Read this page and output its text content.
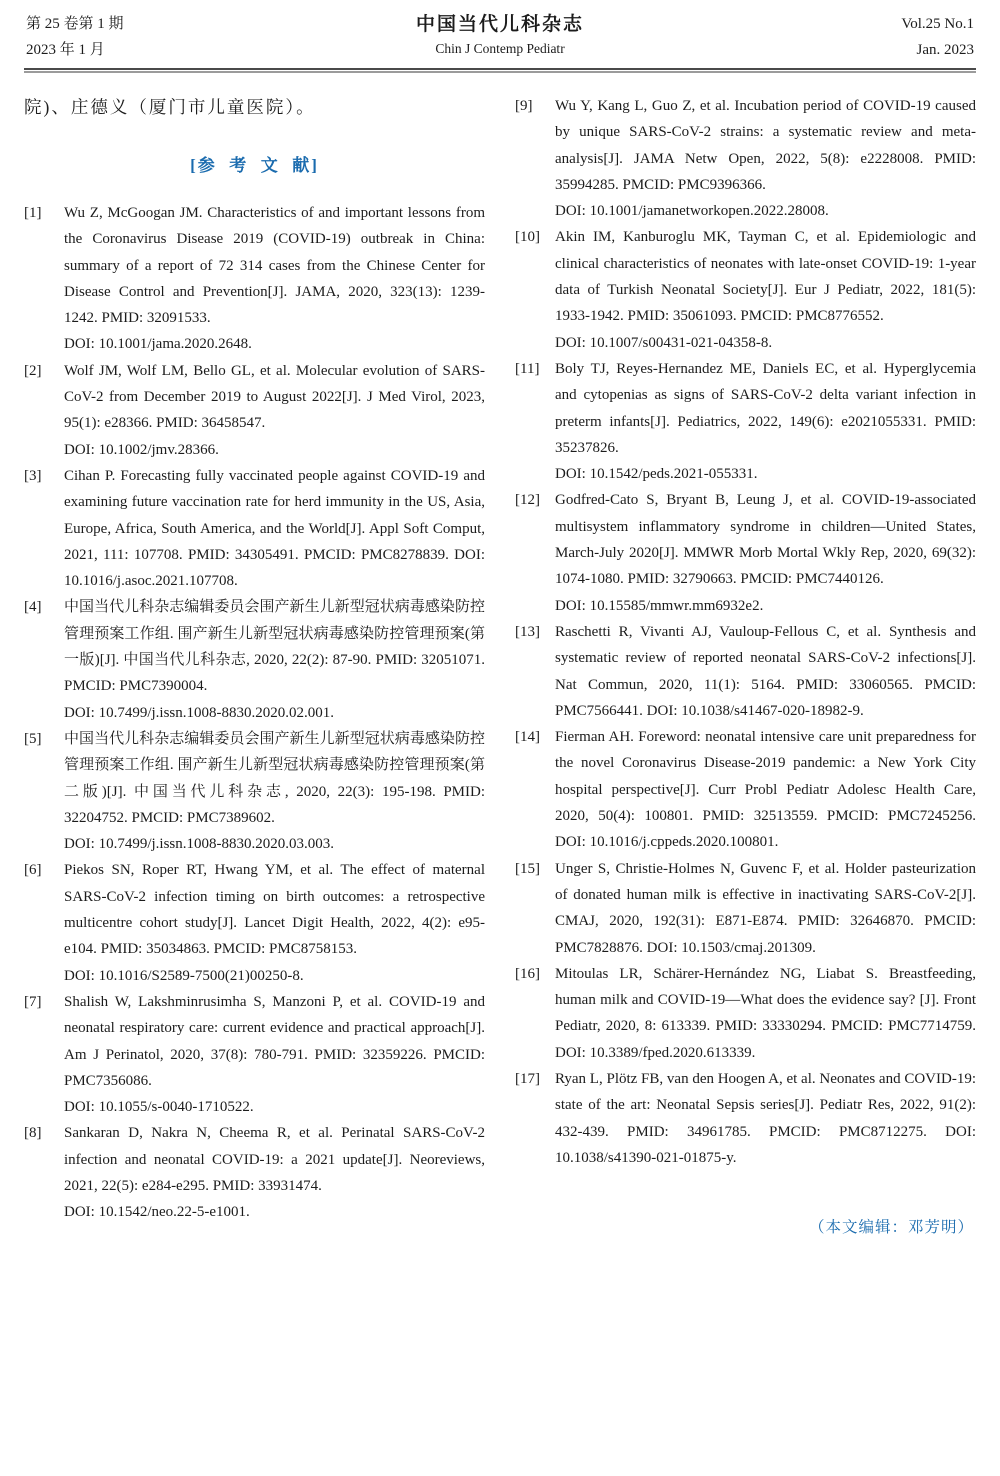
第 25 卷第 1 期
2023 年 1 月
中国当代儿科杂志
Chin J Contemp Pediatr
Vol.25 No.1
Jan. 2023

院)、庄德义（厦门市儿童医院）。

[参  考  文  献]
[1]	Wu Z, McGoogan JM. Characteristics of and important lessons from the Coronavirus Disease 2019 (COVID-19) outbreak in China: summary of a report of 72 314 cases from the Chinese Center for Disease Control and Prevention[J]. JAMA, 2020, 323(13): 1239-1242. PMID: 32091533.
DOI: 10.1001/jama.2020.2648.
[2]	Wolf JM, Wolf LM, Bello GL, et al. Molecular evolution of SARS-CoV-2 from December 2019 to August 2022[J]. J Med Virol, 2023, 95(1): e28366. PMID: 36458547.
DOI: 10.1002/jmv.28366.
[3]	Cihan P. Forecasting fully vaccinated people against COVID-19 and examining future vaccination rate for herd immunity in the US, Asia, Europe, Africa, South America, and the World[J]. Appl Soft Comput, 2021, 111: 107708. PMID: 34305491. PMCID: PMC8278839. DOI: 10.1016/j.asoc.2021.107708.
[4]	中国当代儿科杂志编辑委员会围产新生儿新型冠状病毒感染防控管理预案工作组. 围产新生儿新型冠状病毒感染防控管理预案(第一版)[J]. 中国当代儿科杂志, 2020, 22(2): 87-90. PMID: 32051071. PMCID: PMC7390004.
DOI: 10.7499/j.issn.1008-8830.2020.02.001.
[5]	中国当代儿科杂志编辑委员会围产新生儿新型冠状病毒感染防控管理预案工作组. 围产新生儿新型冠状病毒感染防控管理预案(第二版)[J]. 中国当代儿科杂志, 2020, 22(3): 195-198. PMID: 32204752. PMCID: PMC7389602.
DOI: 10.7499/j.issn.1008-8830.2020.03.003.
[6]	Piekos SN, Roper RT, Hwang YM, et al. The effect of maternal SARS-CoV-2 infection timing on birth outcomes: a retrospective multicentre cohort study[J]. Lancet Digit Health, 2022, 4(2): e95-e104. PMID: 35034863. PMCID: PMC8758153.
DOI: 10.1016/S2589-7500(21)00250-8.
[7]	Shalish W, Lakshminrusimha S, Manzoni P, et al. COVID-19 and neonatal respiratory care: current evidence and practical approach[J]. Am J Perinatol, 2020, 37(8): 780-791. PMID: 32359226. PMCID: PMC7356086.
DOI: 10.1055/s-0040-1710522.
[8]	Sankaran D, Nakra N, Cheema R, et al. Perinatal SARS-CoV-2 infection and neonatal COVID-19: a 2021 update[J]. Neoreviews, 2021, 22(5): e284-e295. PMID: 33931474.
DOI: 10.1542/neo.22-5-e1001.
[9]	Wu Y, Kang L, Guo Z, et al. Incubation period of COVID-19 caused by unique SARS-CoV-2 strains: a systematic review and meta-analysis[J]. JAMA Netw Open, 2022, 5(8): e2228008. PMID: 35994285. PMCID: PMC9396366.
DOI: 10.1001/jamanetworkopen.2022.28008.
[10]	Akin IM, Kanburoglu MK, Tayman C, et al. Epidemiologic and clinical characteristics of neonates with late-onset COVID-19: 1-year data of Turkish Neonatal Society[J]. Eur J Pediatr, 2022, 181(5): 1933-1942. PMID: 35061093. PMCID: PMC8776552.
DOI: 10.1007/s00431-021-04358-8.
[11]	Boly TJ, Reyes-Hernandez ME, Daniels EC, et al. Hyperglycemia and cytopenias as signs of SARS-CoV-2 delta variant infection in preterm infants[J]. Pediatrics, 2022, 149(6): e2021055331. PMID: 35237826.
DOI: 10.1542/peds.2021-055331.
[12]	Godfred-Cato S, Bryant B, Leung J, et al. COVID-19-associated multisystem inflammatory syndrome in children—United States, March-July 2020[J]. MMWR Morb Mortal Wkly Rep, 2020, 69(32): 1074-1080. PMID: 32790663. PMCID: PMC7440126.
DOI: 10.15585/mmwr.mm6932e2.
[13]	Raschetti R, Vivanti AJ, Vauloup-Fellous C, et al. Synthesis and systematic review of reported neonatal SARS-CoV-2 infections[J]. Nat Commun, 2020, 11(1): 5164. PMID: 33060565. PMCID: PMC7566441. DOI: 10.1038/s41467-020-18982-9.
[14]	Fierman AH. Foreword: neonatal intensive care unit preparedness for the novel Coronavirus Disease-2019 pandemic: a New York City hospital perspective[J]. Curr Probl Pediatr Adolesc Health Care, 2020, 50(4): 100801. PMID: 32513559. PMCID: PMC7245256. DOI: 10.1016/j.cppeds.2020.100801.
[15]	Unger S, Christie-Holmes N, Guvenc F, et al. Holder pasteurization of donated human milk is effective in inactivating SARS-CoV-2[J]. CMAJ, 2020, 192(31): E871-E874. PMID: 32646870. PMCID: PMC7828876. DOI: 10.1503/cmaj.201309.
[16]	Mitoulas LR, Schärer-Hernández NG, Liabat S. Breastfeeding, human milk and COVID-19—What does the evidence say? [J]. Front Pediatr, 2020, 8: 613339. PMID: 33330294. PMCID: PMC7714759. DOI: 10.3389/fped.2020.613339.
[17]	Ryan L, Plötz FB, van den Hoogen A, et al. Neonates and COVID-19: state of the art: Neonatal Sepsis series[J]. Pediatr Res, 2022, 91(2): 432-439. PMID: 34961785. PMCID: PMC8712275. DOI: 10.1038/s41390-021-01875-y.
（本文编辑：邓芳明）
